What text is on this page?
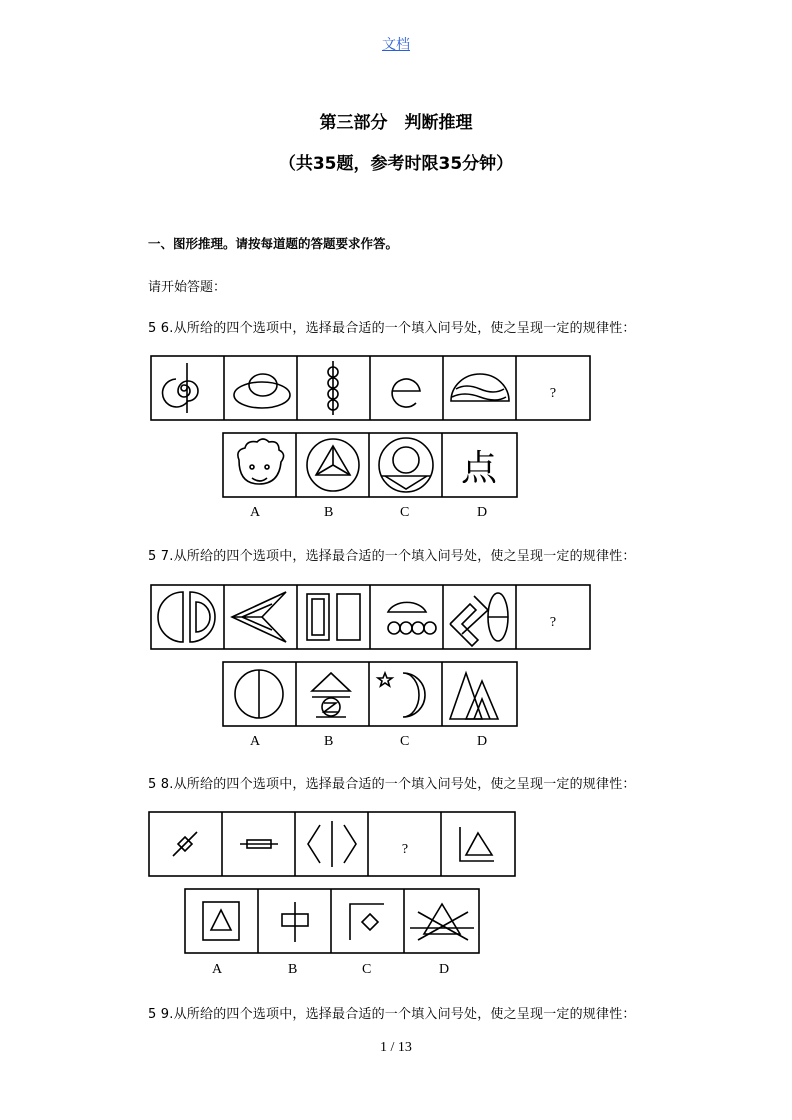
文档
第三部分　判断推理
（共35题，参考时限35分钟）
一、图形推理。请按每道题的答题要求作答。
请开始答题：
5 6.从所给的四个选项中，选择最合适的一个填入问号处，使之呈现一定的规律性：
?
点
A	B	C	D
5 7.从所给的四个选项中，选择最合适的一个填入问号处，使之呈现一定的规律性：
?
A	B	C	D
5 8.从所给的四个选项中，选择最合适的一个填入问号处，使之呈现一定的规律性：
?
A	B	C	D
5 9.从所给的四个选项中，选择最合适的一个填入问号处，使之呈现一定的规律性：
1 / 13
